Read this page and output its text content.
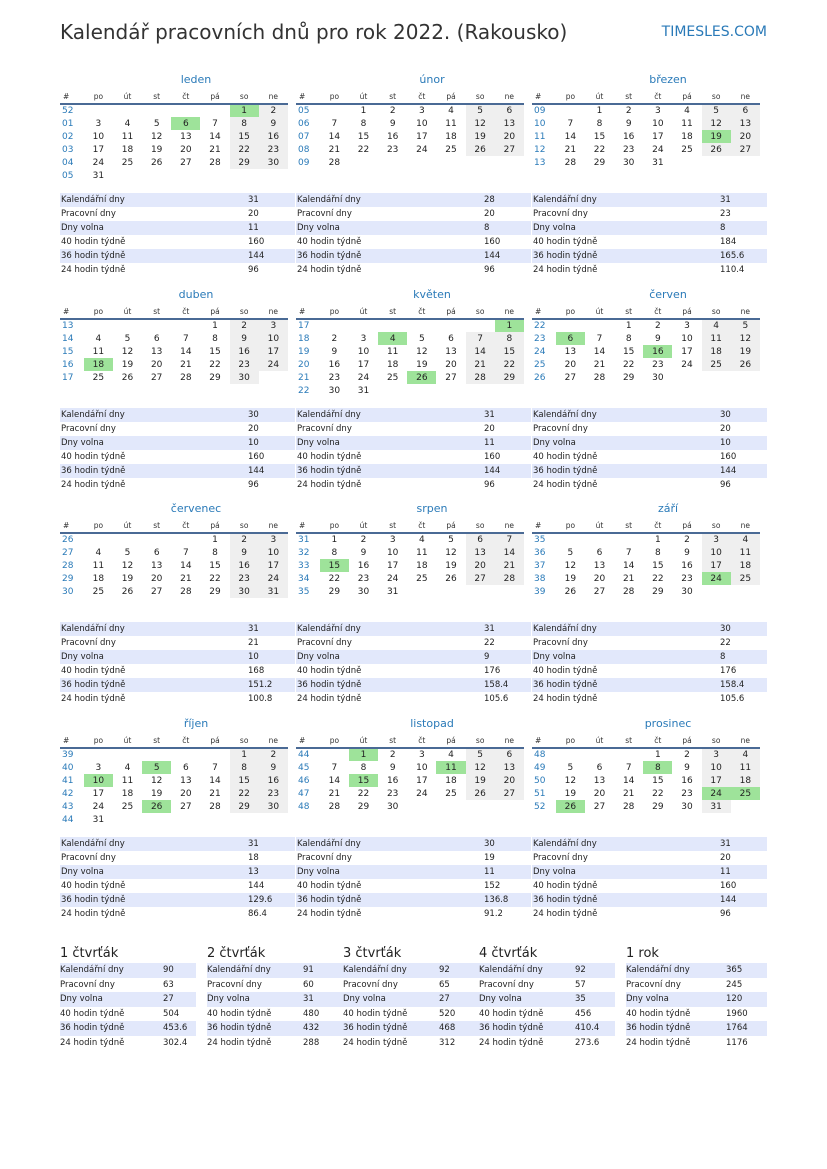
Kalendář pracovních dnů pro rok 2022. (Rakousko)	TIMESLES.COM
leden
#	po	út	st	čt	pá	so	ne
52						1	2
01	3	4	5	6	7	8	9
02	10	11	12	13	14	15	16
03	17	18	19	20	21	22	23
04	24	25	26	27	28	29	30
05	31						
Kalendářní dny	31
Pracovní dny	20
Dny volna	11
40 hodin týdně	160
36 hodin týdně	144
24 hodin týdně	96
únor
#	po	út	st	čt	pá	so	ne
05		1	2	3	4	5	6
06	7	8	9	10	11	12	13
07	14	15	16	17	18	19	20
08	21	22	23	24	25	26	27
09	28						
Kalendářní dny	28
Pracovní dny	20
Dny volna	8
40 hodin týdně	160
36 hodin týdně	144
24 hodin týdně	96
březen
#	po	út	st	čt	pá	so	ne
09		1	2	3	4	5	6
10	7	8	9	10	11	12	13
11	14	15	16	17	18	19	20
12	21	22	23	24	25	26	27
13	28	29	30	31			
Kalendářní dny	31
Pracovní dny	23
Dny volna	8
40 hodin týdně	184
36 hodin týdně	165.6
24 hodin týdně	110.4
duben
#	po	út	st	čt	pá	so	ne
13					1	2	3
14	4	5	6	7	8	9	10
15	11	12	13	14	15	16	17
16	18	19	20	21	22	23	24
17	25	26	27	28	29	30	
Kalendářní dny	30
Pracovní dny	20
Dny volna	10
40 hodin týdně	160
36 hodin týdně	144
24 hodin týdně	96
květen
#	po	út	st	čt	pá	so	ne
17							1
18	2	3	4	5	6	7	8
19	9	10	11	12	13	14	15
20	16	17	18	19	20	21	22
21	23	24	25	26	27	28	29
22	30	31					
Kalendářní dny	31
Pracovní dny	20
Dny volna	11
40 hodin týdně	160
36 hodin týdně	144
24 hodin týdně	96
červen
#	po	út	st	čt	pá	so	ne
22			1	2	3	4	5
23	6	7	8	9	10	11	12
24	13	14	15	16	17	18	19
25	20	21	22	23	24	25	26
26	27	28	29	30			
Kalendářní dny	30
Pracovní dny	20
Dny volna	10
40 hodin týdně	160
36 hodin týdně	144
24 hodin týdně	96
červenec
#	po	út	st	čt	pá	so	ne
26					1	2	3
27	4	5	6	7	8	9	10
28	11	12	13	14	15	16	17
29	18	19	20	21	22	23	24
30	25	26	27	28	29	30	31
Kalendářní dny	31
Pracovní dny	21
Dny volna	10
40 hodin týdně	168
36 hodin týdně	151.2
24 hodin týdně	100.8
srpen
#	po	út	st	čt	pá	so	ne
31	1	2	3	4	5	6	7
32	8	9	10	11	12	13	14
33	15	16	17	18	19	20	21
34	22	23	24	25	26	27	28
35	29	30	31				
Kalendářní dny	31
Pracovní dny	22
Dny volna	9
40 hodin týdně	176
36 hodin týdně	158.4
24 hodin týdně	105.6
září
#	po	út	st	čt	pá	so	ne
35				1	2	3	4
36	5	6	7	8	9	10	11
37	12	13	14	15	16	17	18
38	19	20	21	22	23	24	25
39	26	27	28	29	30		
Kalendářní dny	30
Pracovní dny	22
Dny volna	8
40 hodin týdně	176
36 hodin týdně	158.4
24 hodin týdně	105.6
říjen
#	po	út	st	čt	pá	so	ne
39						1	2
40	3	4	5	6	7	8	9
41	10	11	12	13	14	15	16
42	17	18	19	20	21	22	23
43	24	25	26	27	28	29	30
44	31						
Kalendářní dny	31
Pracovní dny	18
Dny volna	13
40 hodin týdně	144
36 hodin týdně	129.6
24 hodin týdně	86.4
listopad
#	po	út	st	čt	pá	so	ne
44		1	2	3	4	5	6
45	7	8	9	10	11	12	13
46	14	15	16	17	18	19	20
47	21	22	23	24	25	26	27
48	28	29	30				
Kalendářní dny	30
Pracovní dny	19
Dny volna	11
40 hodin týdně	152
36 hodin týdně	136.8
24 hodin týdně	91.2
prosinec
#	po	út	st	čt	pá	so	ne
48				1	2	3	4
49	5	6	7	8	9	10	11
50	12	13	14	15	16	17	18
51	19	20	21	22	23	24	25
52	26	27	28	29	30	31	
Kalendářní dny	31
Pracovní dny	20
Dny volna	11
40 hodin týdně	160
36 hodin týdně	144
24 hodin týdně	96
1 čtvrťák
Kalendářní dny	90
Pracovní dny	63
Dny volna	27
40 hodin týdně	504
36 hodin týdně	453.6
24 hodin týdně	302.4
2 čtvrťák
Kalendářní dny	91
Pracovní dny	60
Dny volna	31
40 hodin týdně	480
36 hodin týdně	432
24 hodin týdně	288
3 čtvrťák
Kalendářní dny	92
Pracovní dny	65
Dny volna	27
40 hodin týdně	520
36 hodin týdně	468
24 hodin týdně	312
4 čtvrťák
Kalendářní dny	92
Pracovní dny	57
Dny volna	35
40 hodin týdně	456
36 hodin týdně	410.4
24 hodin týdně	273.6
1 rok
Kalendářní dny	365
Pracovní dny	245
Dny volna	120
40 hodin týdně	1960
36 hodin týdně	1764
24 hodin týdně	1176
